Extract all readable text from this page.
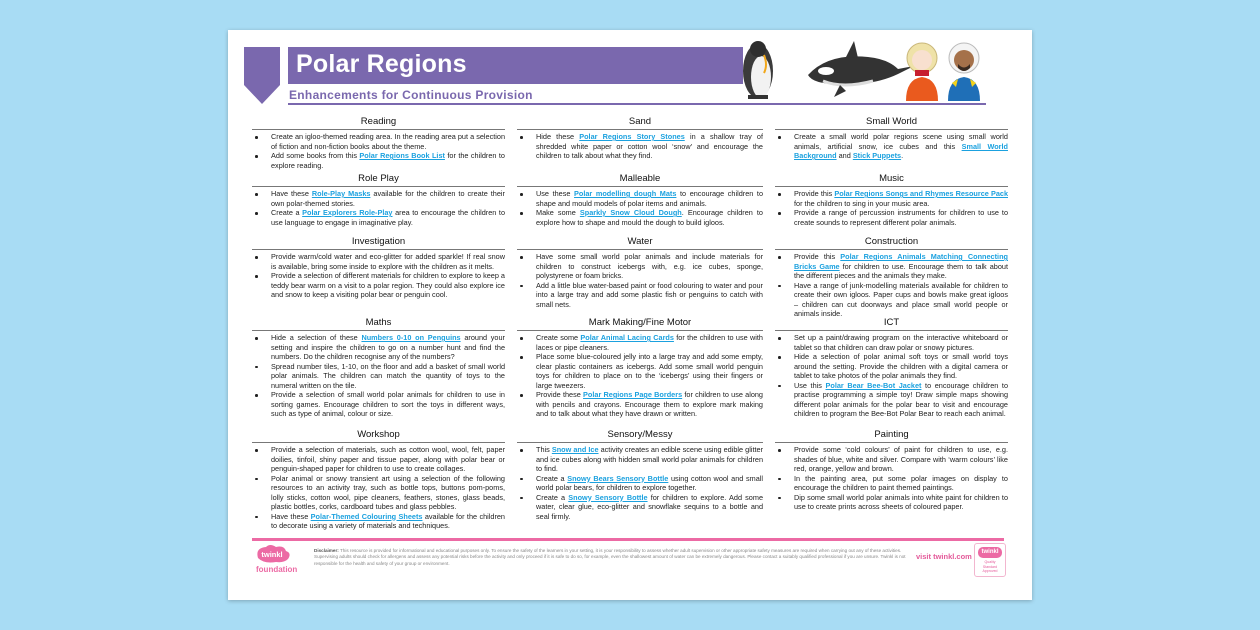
Polar Regions
Enhancements for Continuous Provision
Reading
Create an igloo-themed reading area. In the reading area put a selection of fiction and non-fiction books about the theme.
Add some books from this Polar Regions Book List for the children to explore reading.
Sand
Hide these Polar Regions Story Stones in a shallow tray of shredded white paper or cotton wool ‘snow’ and encourage the children to talk about what they find.
Small World
Create a small world polar regions scene using small world animals, artificial snow, ice cubes and this Small World Background and Stick Puppets.
Role Play
Have these Role-Play Masks available for the children to create their own polar-themed stories.
Create a Polar Explorers Role-Play area to encourage the children to use language to engage in imaginative play.
Malleable
Use these Polar modelling dough Mats to encourage children to shape and mould models of polar items and animals.
Make some Sparkly Snow Cloud Dough. Encourage children to explore how to shape and mould the dough to build igloos.
Music
Provide this Polar Regions Songs and Rhymes Resource Pack for the children to sing in your music area.
Provide a range of percussion instruments for children to use to create sounds to represent different polar animals.
Investigation
Provide warm/cold water and eco-glitter for added sparkle! If real snow is available, bring some inside to explore with the children as it melts.
Provide a selection of different materials for children to explore to keep a teddy bear warm on a visit to a polar region. They could also explore ice and snow to keep a visiting polar bear or penguin cool.
Water
Have some small world polar animals and include materials for children to construct icebergs with, e.g. ice cubes, sponge, polystyrene or foam bricks.
Add a little blue water-based paint or food colouring to water and pour into a large tray and add some plastic fish or penguins to catch with small nets.
Construction
Provide this Polar Regions Animals Matching Connecting Bricks Game for children to use. Encourage them to talk about the different pieces and the animals they make.
Have a range of junk-modelling materials available for children to create their own igloos. Paper cups and bowls make great igloos – children can cut doorways and place small world people or animals inside.
Maths
Hide a selection of these Numbers 0-10 on Penguins around your setting and inspire the children to go on a number hunt and find the numbers. Do the children recognise any of the numbers?
Spread number tiles, 1-10, on the floor and add a basket of small world polar animals. The children can match the quantity of toys to the numeral written on the tile.
Provide a selection of small world polar animals for children to use in sorting games. Encourage children to sort the toys in different ways, such as type of animal, colour or size.
Mark Making/Fine Motor
Create some Polar Animal Lacing Cards for the children to use with laces or pipe cleaners.
Place some blue-coloured jelly into a large tray and add some empty, clear plastic containers as icebergs. Add some small world penguin toys for children to place on to the ‘icebergs’ using their fingers or large tweezers.
Provide these Polar Regions Page Borders for children to use along with pencils and crayons. Encourage them to explore mark making and to talk about what they have drawn or written.
ICT
Set up a paint/drawing program on the interactive whiteboard or tablet so that children can draw polar or snowy pictures.
Hide a selection of polar animal soft toys or small world toys around the setting. Provide the children with a digital camera or tablet to take photos of the polar animals they find.
Use this Polar Bear Bee-Bot Jacket to encourage children to practise programming a simple toy! Draw simple maps showing different polar animals for the polar bear to visit and encourage children to program the Bee-Bot Polar Bear to reach each animal.
Workshop
Provide a selection of materials, such as cotton wool, wool, felt, paper doilies, tinfoil, shiny paper and tissue paper, along with polar bear or penguin-shaped paper for children to use to create collages.
Polar animal or snowy transient art using a selection of the following resources to an activity tray, such as bottle tops, buttons pom-poms, lolly sticks, cotton wool, pipe cleaners, feathers, stones, glass beads, plastic bottles, corks, cardboard tubes and glass pebbles.
Have these Polar-Themed Colouring Sheets available for the children to decorate using a variety of materials and techniques.
Sensory/Messy
This Snow and Ice activity creates an edible scene using edible glitter and ice cubes along with hidden small world polar animals for children to find.
Create a Snowy Bears Sensory Bottle using cotton wool and small world polar bears, for children to explore together.
Create a Snowy Sensory Bottle for children to explore. Add some water, clear glue, eco-glitter and snowflake sequins to a bottle and seal firmly.
Painting
Provide some ‘cold colours’ of paint for children to use, e.g. shades of blue, white and silver. Compare with ‘warm colours’ like red, orange, yellow and brown.
In the painting area, put some polar images on display to encourage the children to paint themed paintings.
Dip some small world polar animals into white paint for children to use to create prints across sheets of coloured paper.
twinkl
foundation
Disclaimer: This resource is provided for informational and educational purposes only. To ensure the safety of the learners in your setting, it is your responsibility to assess whether adult supervision or other appropriate safety measures are required when carrying out any of these activities. Supervising adults should check for allergens and assess any potential risks before the activity and only proceed if it is safe to do so, for example, even the shallowest amount of water can be extremely dangerous. Please contact a suitably qualified professional if you are unsure. Twinkl is not responsible for the health and safety of your group or environment.
visit twinkl.com	twinkl
Quality Standard Approved
